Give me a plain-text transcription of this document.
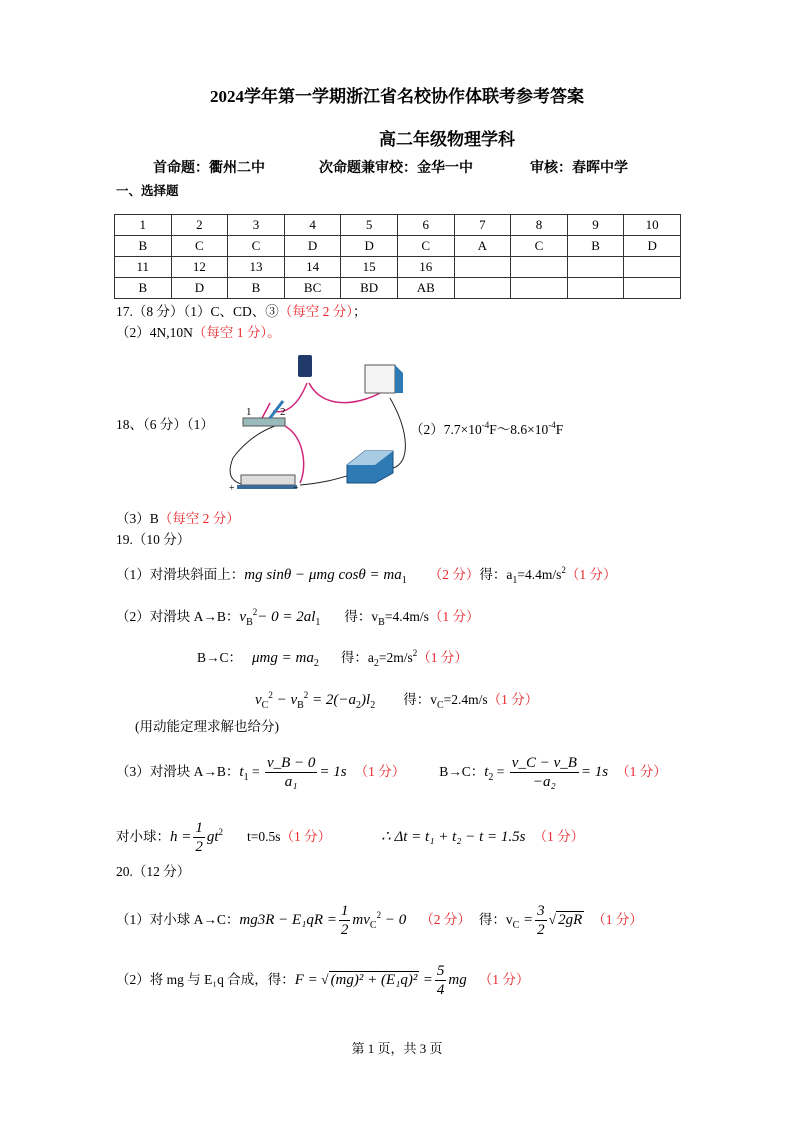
2024学年第一学期浙江省名校协作体联考参考答案
高二年级物理学科
首命题：衢州二中	次命题兼审校：金华一中	审核：春晖中学
一、选择题
1	2	3	4	5	6	7	8	9	10
B	C	C	D	D	C	A	C	B	D
11	12	13	14	15	16				
B	D	B	BC	BD	AB				
17.（8 分）（1）C、CD、③（每空 2 分）；
（2）4N,10N（每空 1 分）。
18、（6 分）（1）
1	2
+	−
$(2)7.7\times 10^{-4}F\sim 8.6\times 10^{-4}F$
（3）B（每空 2 分）
19.（10 分）
（1）对滑块斜面上：mg sinθ − μmg $\cos\theta = ma_1$ （2 分）得：$a_1=4.4m/s^2(1$ 分）
（2）对滑块 A→B：$v_B^2- 0 = 2al_1$ 得：$v_B=4.4m/s(1$ 分）
B→C： $\mu mg = ma_2$ 得：$a_2=2m/s^2(1$ 分）
$v_C^2 - v_B^2 = 2(-a_2)l_2$ 得：$v_C=2.4m/s(1$ 分）
(用动能定理求解也给分)
（3）对滑块 A→B：$t_1 = \frac{v\_B - 0}{\text{a₁}} = 1s$ （1 分）	B→C：$t_2 = \frac{v\_C - v\_B}{\text{−a₂}} = 1s$ （1 分）
对小球：$h = \frac{1}{2} gt^2$ t=0.5s（1 分）	∴ Δt = t₁ + t₂ − t = 1.5s （1 分）
20.（12 分）
（1）对小球 A→C：$mg3R - E_1qR = \frac{1}{2} mv_C^2 - 0$ （2 分） 得：$v_C = \frac{3}{2}$ √ 2gR （1 分）
（2）将 mg 与 E₁q 合成，得：F = √ $(mg)^2 + (E_1q)^2 = \frac{5}{4}$ mg （1 分）
第 1 页，共 3 页
